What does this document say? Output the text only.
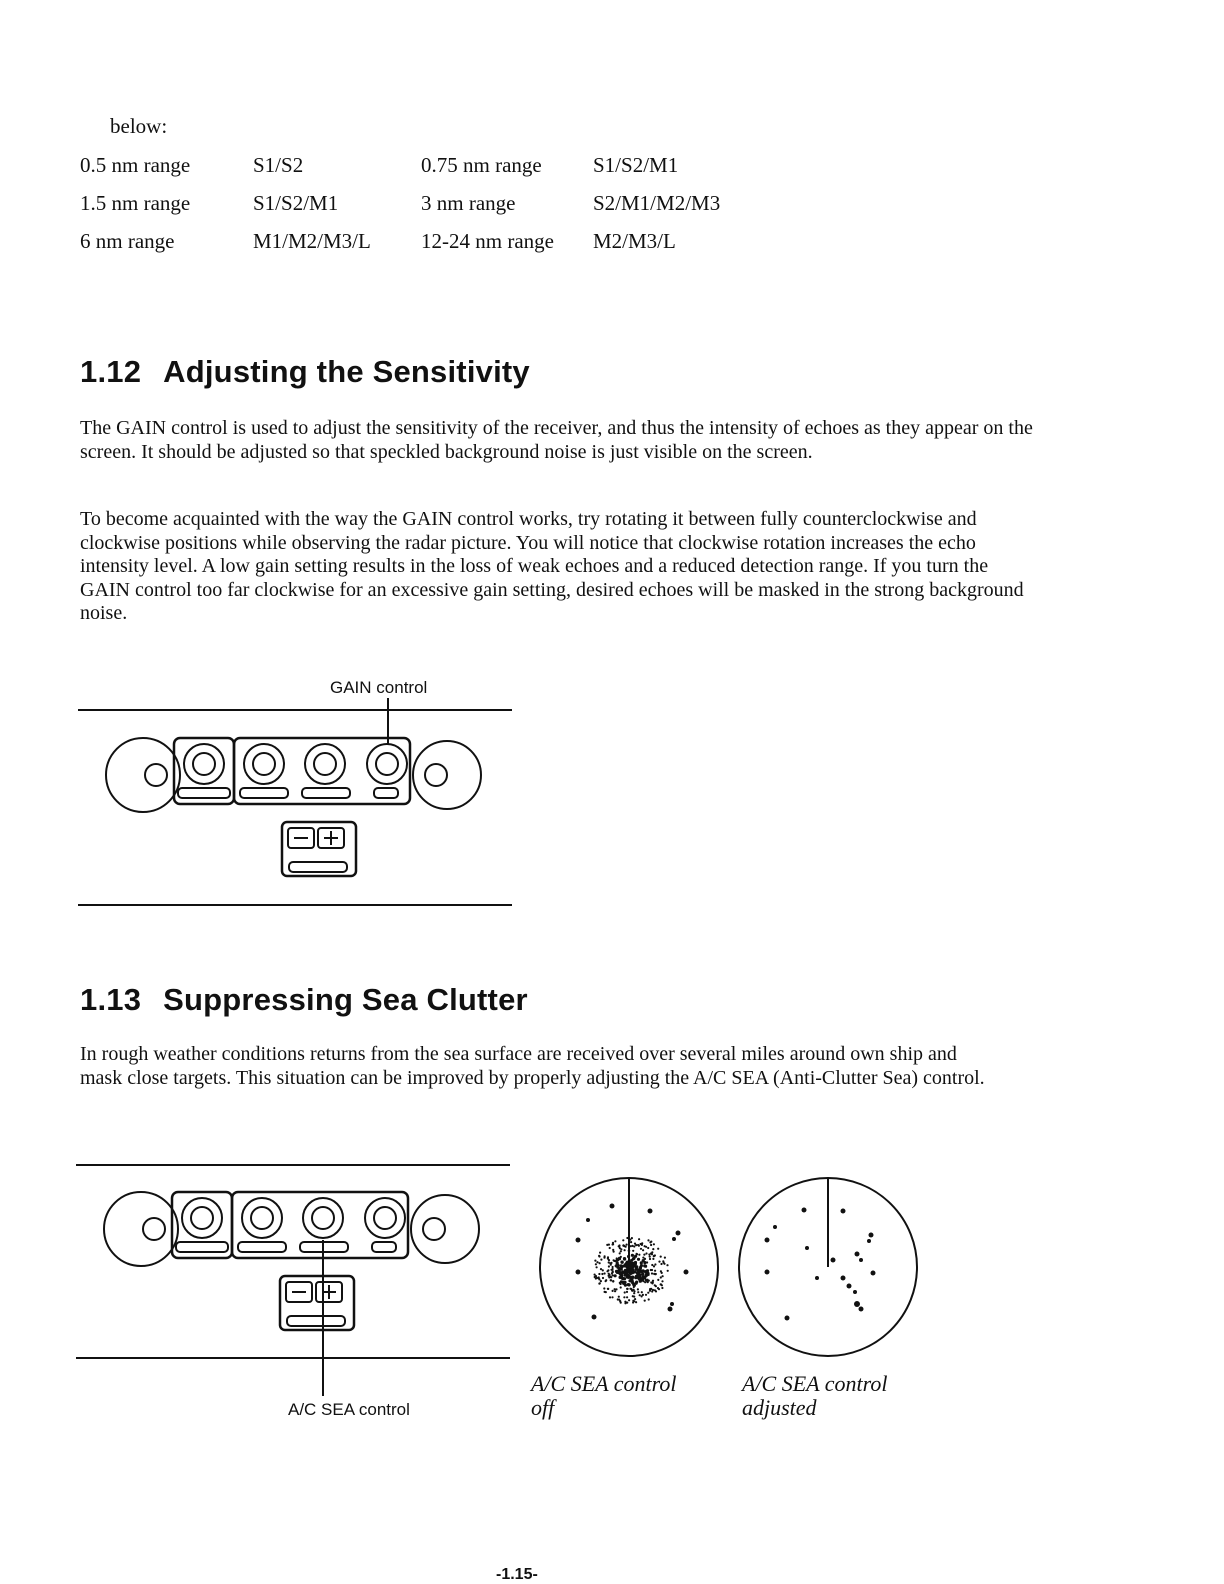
below:
0.5 nm range	S1/S2	0.75 nm range	S1/S2/M1
1.5 nm range	S1/S2/M1	3 nm range	S2/M1/M2/M3
6 nm range	M1/M2/M3/L	12-24 nm range	M2/M3/L
1.12 Adjusting the Sensitivity

The GAIN control is used to adjust the sensitivity of the receiver, and thus the intensity of echoes as they appear on the screen. It should be adjusted so that speckled background noise is just visible on the screen.

To become acquainted with the way the GAIN control works, try rotating it between fully counterclockwise and clockwise positions while observing the radar picture. You will notice that clockwise rotation increases the echo intensity level. A low gain setting results in the loss of weak echoes and a reduced detection range. If you turn the GAIN control too far clockwise for an excessive gain setting, desired echoes will be masked in the strong background noise.

GAIN control
1.13 Suppressing Sea Clutter

In rough weather conditions returns from the sea surface are received over several miles around own ship and mask close targets. This situation can be improved by properly adjusting the A/C SEA (Anti-Clutter Sea) control.

A/C SEA control
A/C SEA control
off
A/C SEA control
adjusted
-1.15-
